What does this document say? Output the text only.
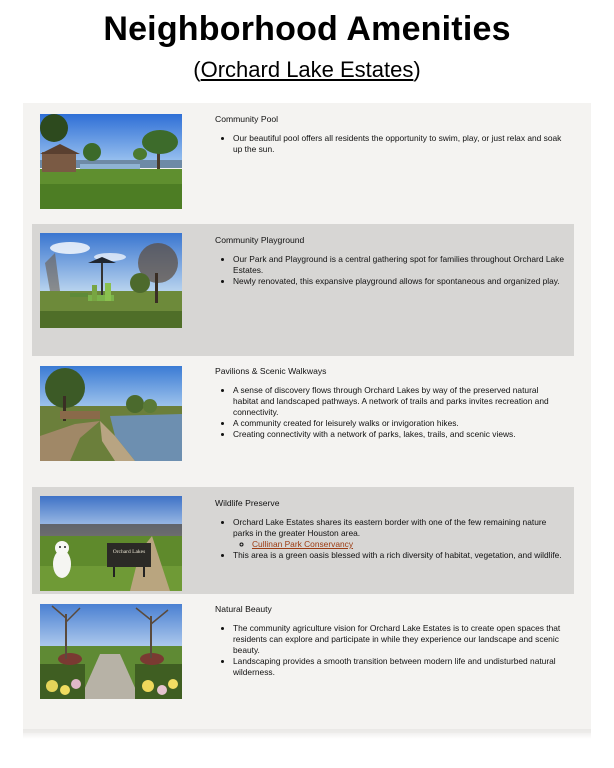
Neighborhood Amenities
(Orchard Lake Estates)
Community Pool
• Our beautiful pool offers all residents the opportunity to swim, play, or just relax and soak up the sun.
Community Playground
• Our Park and Playground is a central gathering spot for families throughout Orchard Lake Estates.
• Newly renovated, this expansive playground allows for spontaneous and organized play.
Pavilions & Scenic Walkways
• A sense of discovery flows through Orchard Lakes by way of the preserved natural habitat and landscaped pathways. A network of trails and parks invites recreation and connectivity.
• A community created for leisurely walks or invigoration hikes.
• Creating connectivity with a network of parks, lakes, trails, and scenic views.
Orchard Lakes
Wildlife Preserve
• Orchard Lake Estates shares its eastern border with one of the few remaining nature parks in the greater Houston area.
◦ Cullinan Park Conservancy
• This area is a green oasis blessed with a rich diversity of habitat, vegetation, and wildlife.
Natural Beauty
• The community agriculture vision for Orchard Lake Estates is to create open spaces that residents can explore and participate in while they experience our landscape and scenic beauty.
• Landscaping provides a smooth transition between modern life and undisturbed natural wilderness.
